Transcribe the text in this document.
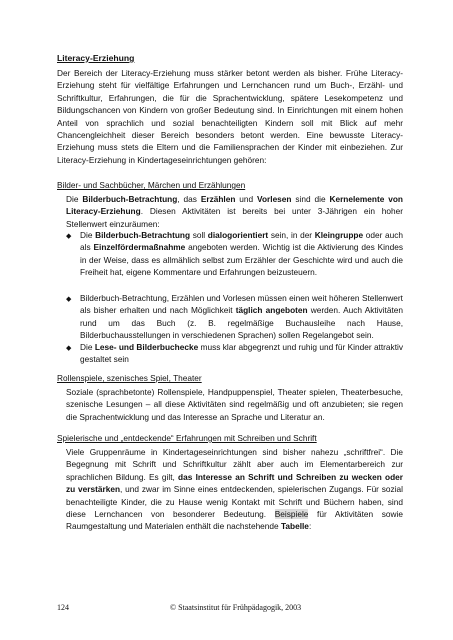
Literacy-Erziehung

Der Bereich der Literacy-Erziehung muss stärker betont werden als bisher. Frühe Literacy-Erziehung steht für vielfältige Erfahrungen und Lernchancen rund um Buch-, Erzähl- und Schriftkultur, Erfahrungen, die für die Sprachentwicklung, spätere Lesekompetenz und Bildungschancen von Kindern von großer Bedeutung sind. In Einrichtungen mit einem hohen Anteil von sprachlich und sozial benachteiligten Kindern soll mit Blick auf mehr Chancengleichheit dieser Bereich besonders betont werden. Eine bewusste Literacy-Erziehung muss stets die Eltern und die Familiensprachen der Kinder mit einbeziehen. Zur Literacy-Erziehung in Kindertageseinrichtungen gehören:

Bilder- und Sachbücher, Märchen und Erzählungen

Die Bilderbuch-Betrachtung, das Erzählen und Vorlesen sind die Kernelemente von Literacy-Erziehung. Diesen Aktivitäten ist bereits bei unter 3-Jährigen ein hoher Stellenwert einzuräumen:

◆ Die Bilderbuch-Betrachtung soll dialogorientiert sein, in der Kleingruppe oder auch als Einzelfördermaßnahme angeboten werden. Wichtig ist die Aktivierung des Kindes in der Weise, dass es allmählich selbst zum Erzähler der Geschichte wird und auch die Freiheit hat, eigene Kommentare und Erfahrungen beizusteuern.

◆ Bilderbuch-Betrachtung, Erzählen und Vorlesen müssen einen weit höheren Stellenwert als bisher erhalten und nach Möglichkeit täglich angeboten werden. Auch Aktivitäten rund um das Buch (z. B. regelmäßige Buchausleihe nach Hause, Bilderbuchausstellungen in verschiedenen Sprachen) sollen Regelangebot sein.

◆ Die Lese- und Bilderbuchecke muss klar abgegrenzt und ruhig und für Kinder attraktiv gestaltet sein

Rollenspiele, szenisches Spiel, Theater

Soziale (sprachbetonte) Rollenspiele, Handpuppenspiel, Theater spielen, Theaterbesuche, szenische Lesungen – all diese Aktivitäten sind regelmäßig und oft anzubieten; sie regen die Sprachentwicklung und das Interesse an Sprache und Literatur an.

Spielerische und „entdeckende“ Erfahrungen mit Schreiben und Schrift

Viele Gruppenräume in Kindertageseinrichtungen sind bisher nahezu „schriftfrei“. Die Begegnung mit Schrift und Schriftkultur zählt aber auch im Elementarbereich zur sprachlichen Bildung. Es gilt, das Interesse an Schrift und Schreiben zu wecken oder zu verstärken, und zwar im Sinne eines entdeckenden, spielerischen Zugangs. Für sozial benachteiligte Kinder, die zu Hause wenig Kontakt mit Schrift und Büchern haben, sind diese Lernchancen von besonderer Bedeutung. Beispiele für Aktivitäten sowie Raumgestaltung und Materialen enthält die nachstehende Tabelle:

124	© Staatsinstitut für Frühpädagogik, 2003
